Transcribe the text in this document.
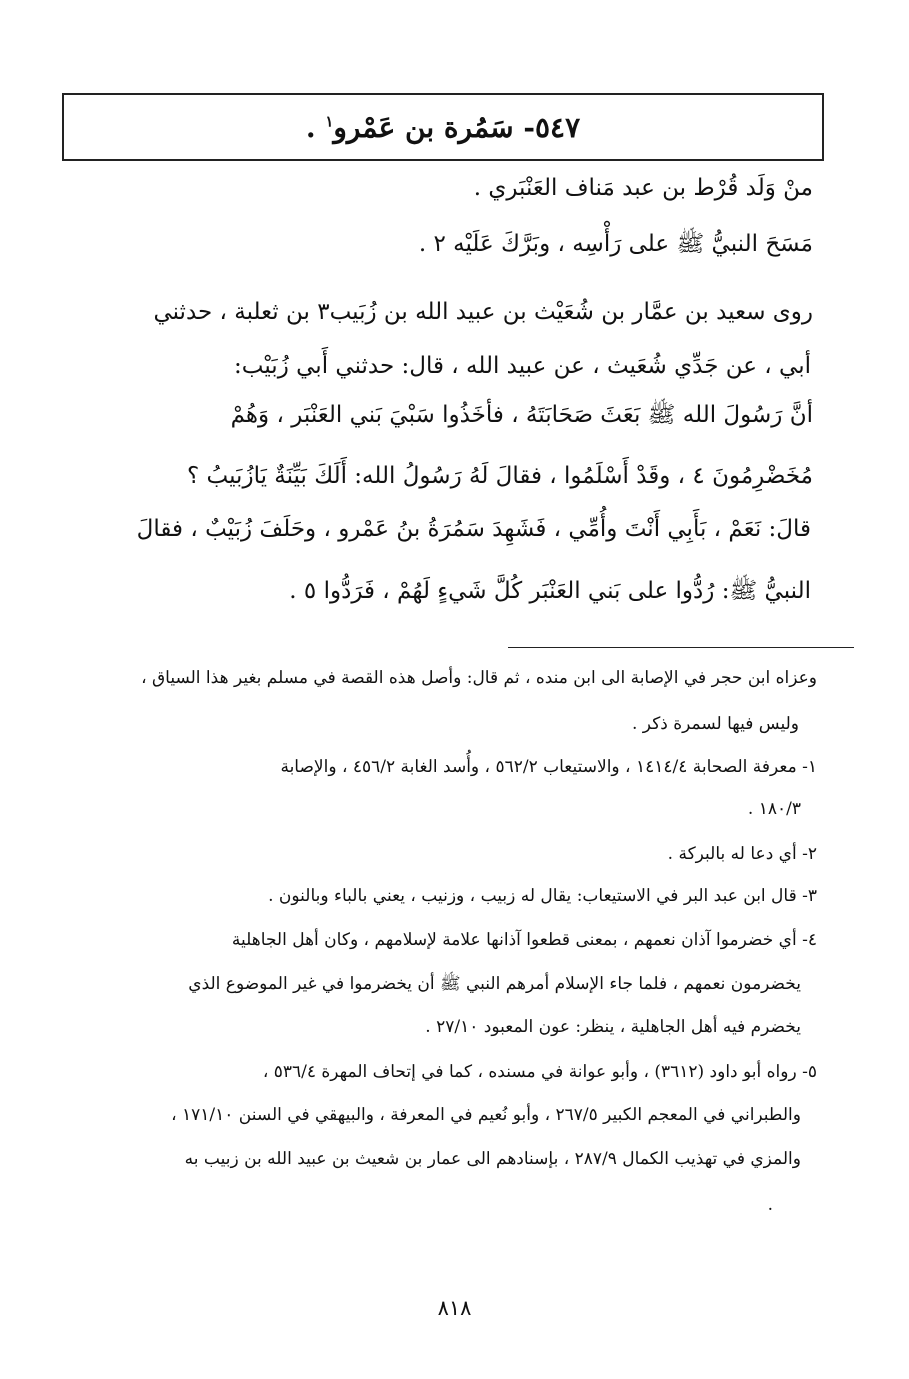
٥٤٧- سَمُرة بن عَمْرو$^١$ .
منْ وَلَد قُرْط بن عبد مَناف العَنْبَري .
مَسَحَ النبيُّ ﷺ على رَأْسِه ، وبَرَّكَ عَلَيْه ٢ .
روى سعيد بن عمَّار بن شُعَيْث بن عبيد الله بن زُبَيب٣ بن ثعلبة ، حدثني
أبي ، عن جَدِّي شُعَيث ، عن عبيد الله ، قال: حدثني أَبي زُبَيْب:
أنَّ رَسُولَ الله ﷺ بَعَثَ صَحَابَتَهُ ، فأخَذُوا سَبْيَ بَني العَنْبَر ، وَهُمْ
مُخَضْرِمُونَ ٤ ، وقَدْ أَسْلَمُوا ، فقالَ لَهُ رَسُولُ الله: أَلَكَ بَيِّنَةٌ يَازُبَيبُ ؟
قالَ: نَعَمْ ، بَأَبِي أَنْتَ وأُمِّي ، فَشَهِدَ سَمُرَةُ بنُ عَمْرو ، وحَلَفَ زُبَيْبٌ ، فقالَ
النبيُّ ﷺ: رُدُّوا على بَني العَنْبَر كُلَّ شَيءٍ لَهُمْ ، فَرَدُّوا ٥ .
وعزاه ابن حجر في الإصابة الى ابن منده ، ثم قال: وأصل هذه القصة في مسلم بغير هذا السياق ،
وليس فيها لسمرة ذكر .
١- معرفة الصحابة ١٤١٤/٤ ، والاستيعاب ٥٦٢/٢ ، وأُسد الغابة ٤٥٦/٢ ، والإصابة
١٨٠/٣ .
٢- أي دعا له بالبركة .
٣- قال ابن عبد البر في الاستيعاب: يقال له زبيب ، وزنيب ، يعني بالباء وبالنون .
٤- أي خضرموا آذان نعمهم ، بمعنى قطعوا آذانها علامة لإسلامهم ، وكان أهل الجاهلية
يخضرمون نعمهم ، فلما جاء الإسلام أمرهم النبي ﷺ أن يخضرموا في غير الموضوع الذي
يخضرم فيه أهل الجاهلية ، ينظر: عون المعبود ٢٧/١٠ .
٥- رواه أبو داود (٣٦١٢) ، وأبو عوانة في مسنده ، كما في إتحاف المهرة ٥٣٦/٤ ،
والطبراني في المعجم الكبير ٢٦٧/٥ ، وأبو نُعيم في المعرفة ، والبيهقي في السنن ١٧١/١٠ ،
والمزي في تهذيب الكمال ٢٨٧/٩ ، بإسنادهم الى عمار بن شعيث بن عبيد الله بن زبيب به
.
٨١٨
